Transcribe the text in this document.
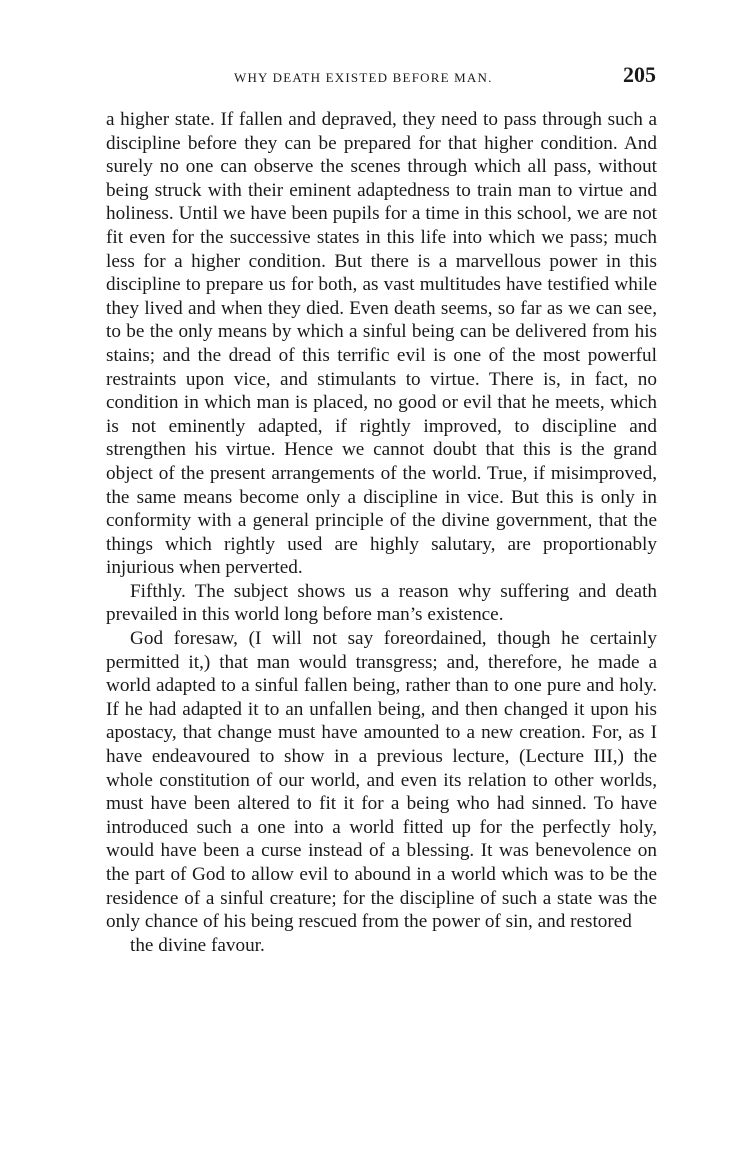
WHY DEATH EXISTED BEFORE MAN.	205

a higher state. If fallen and depraved, they need to pass through such a discipline before they can be prepared for that higher condition. And surely no one can observe the scenes through which all pass, without being struck with their eminent adaptedness to train man to virtue and holiness. Until we have been pupils for a time in this school, we are not fit even for the successive states in this life into which we pass; much less for a higher condition. But there is a marvellous power in this discipline to prepare us for both, as vast multitudes have testified while they lived and when they died. Even death seems, so far as we can see, to be the only means by which a sinful being can be delivered from his stains; and the dread of this terrific evil is one of the most powerful restraints upon vice, and stimulants to virtue. There is, in fact, no condition in which man is placed, no good or evil that he meets, which is not eminently adapted, if rightly improved, to discipline and strengthen his virtue. Hence we cannot doubt that this is the grand object of the present arrangements of the world. True, if misimproved, the same means become only a discipline in vice. But this is only in conformity with a general principle of the divine government, that the things which rightly used are highly salutary, are proportionably injurious when perverted.

Fifthly. The subject shows us a reason why suffering and death prevailed in this world long before man’s existence.

God foresaw, (I will not say foreordained, though he certainly permitted it,) that man would transgress; and, therefore, he made a world adapted to a sinful fallen being, rather than to one pure and holy. If he had adapted it to an unfallen being, and then changed it upon his apostacy, that change must have amounted to a new creation. For, as I have endeavoured to show in a previous lecture, (Lecture III,) the whole constitution of our world, and even its relation to other worlds, must have been altered to fit it for a being who had sinned. To have introduced such a one into a world fitted up for the perfectly holy, would have been a curse instead of a blessing. It was benevolence on the part of God to allow evil to abound in a world which was to be the residence of a sinful creature; for the discipline of such a state was the only chance of his being rescued from the power of sin, and restored

the divine favour.
